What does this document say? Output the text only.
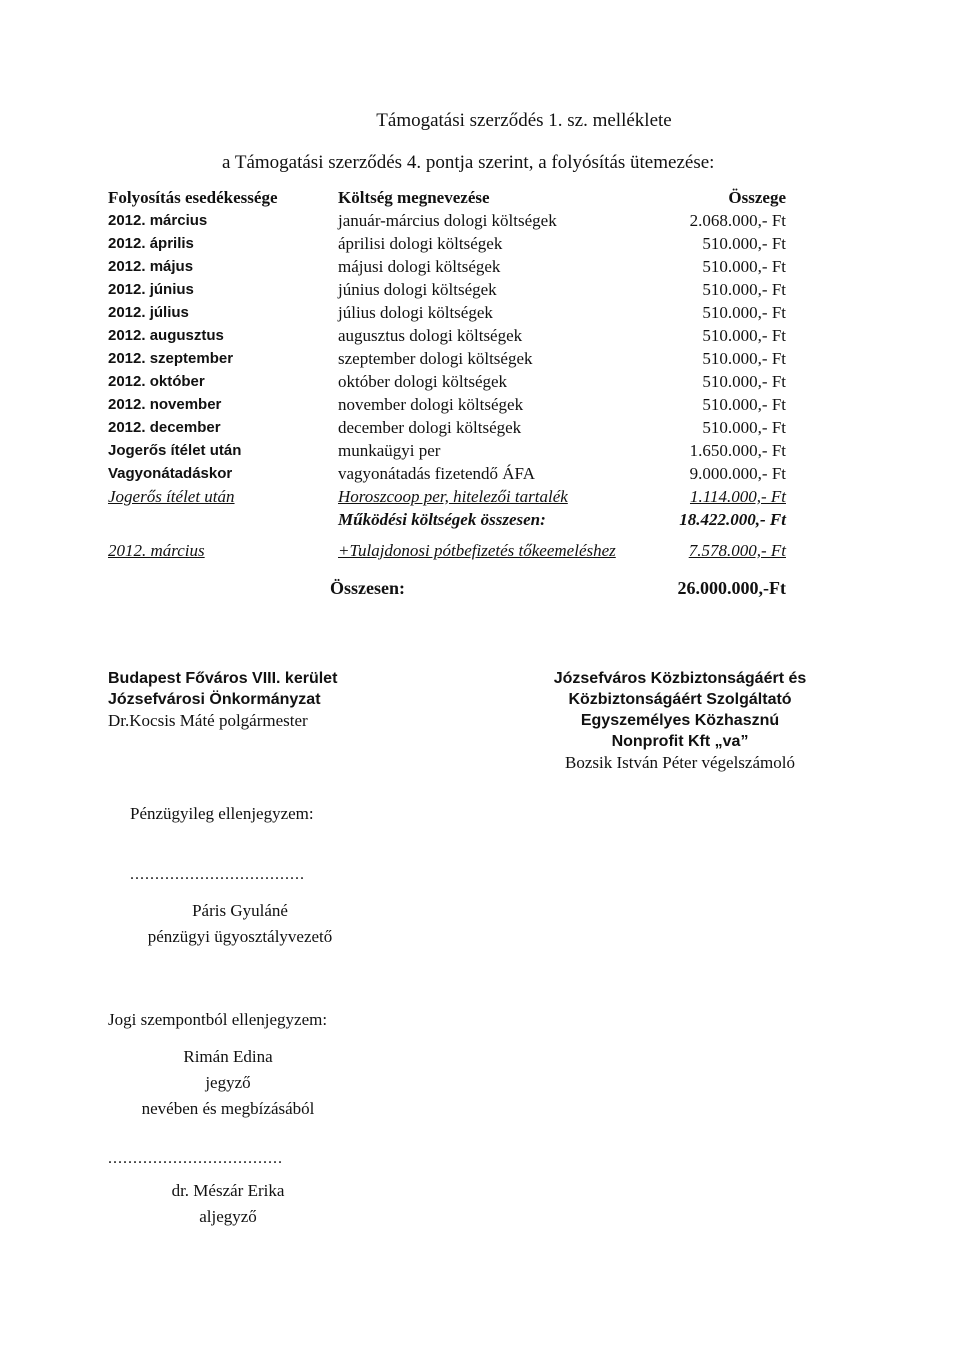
Támogatási szerződés 1. sz. melléklete
a Támogatási szerződés 4. pontja szerint, a folyósítás ütemezése:
Folyosítás esedékessége	Költség megnevezése	Összege
2012. március	január-március dologi költségek	2.068.000,- Ft
2012. április	áprilisi dologi költségek	510.000,- Ft
2012. május	májusi dologi költségek	510.000,- Ft
2012. június	június dologi költségek	510.000,- Ft
2012. július	július dologi költségek	510.000,- Ft
2012. augusztus	augusztus dologi költségek	510.000,- Ft
2012. szeptember	szeptember dologi költségek	510.000,- Ft
2012. október	október dologi költségek	510.000,- Ft
2012. november	november dologi költségek	510.000,- Ft
2012. december	december dologi költségek	510.000,- Ft
Jogerős ítélet után	munkaügyi per	1.650.000,- Ft
Vagyonátadáskor	vagyonátadás fizetendő ÁFA	9.000.000,- Ft
Jogerős ítélet után	Horoszcoop per, hitelezői tartalék	1.114.000,- Ft
Működési költségek összesen:	18.422.000,- Ft
2012. március	+Tulajdonosi pótbefizetés tőkeemeléshez	7.578.000,- Ft
Összesen:	26.000.000,-Ft
Budapest Főváros VIII. kerület
Józsefvárosi Önkormányzat
Dr.Kocsis Máté polgármester
Józsefváros Közbiztonságáért és
Közbiztonságáért Szolgáltató
Egyszemélyes Közhasznú
Nonprofit Kft „va”
Bozsik István Péter végelszámoló
Pénzügyileg ellenjegyzem:
...................................
Páris Gyuláné
pénzügyi ügyosztályvezető
Jogi szempontból ellenjegyzem:
Rimán Edina
jegyző
nevében és megbízásából
...................................
dr. Mészár Erika
aljegyző
